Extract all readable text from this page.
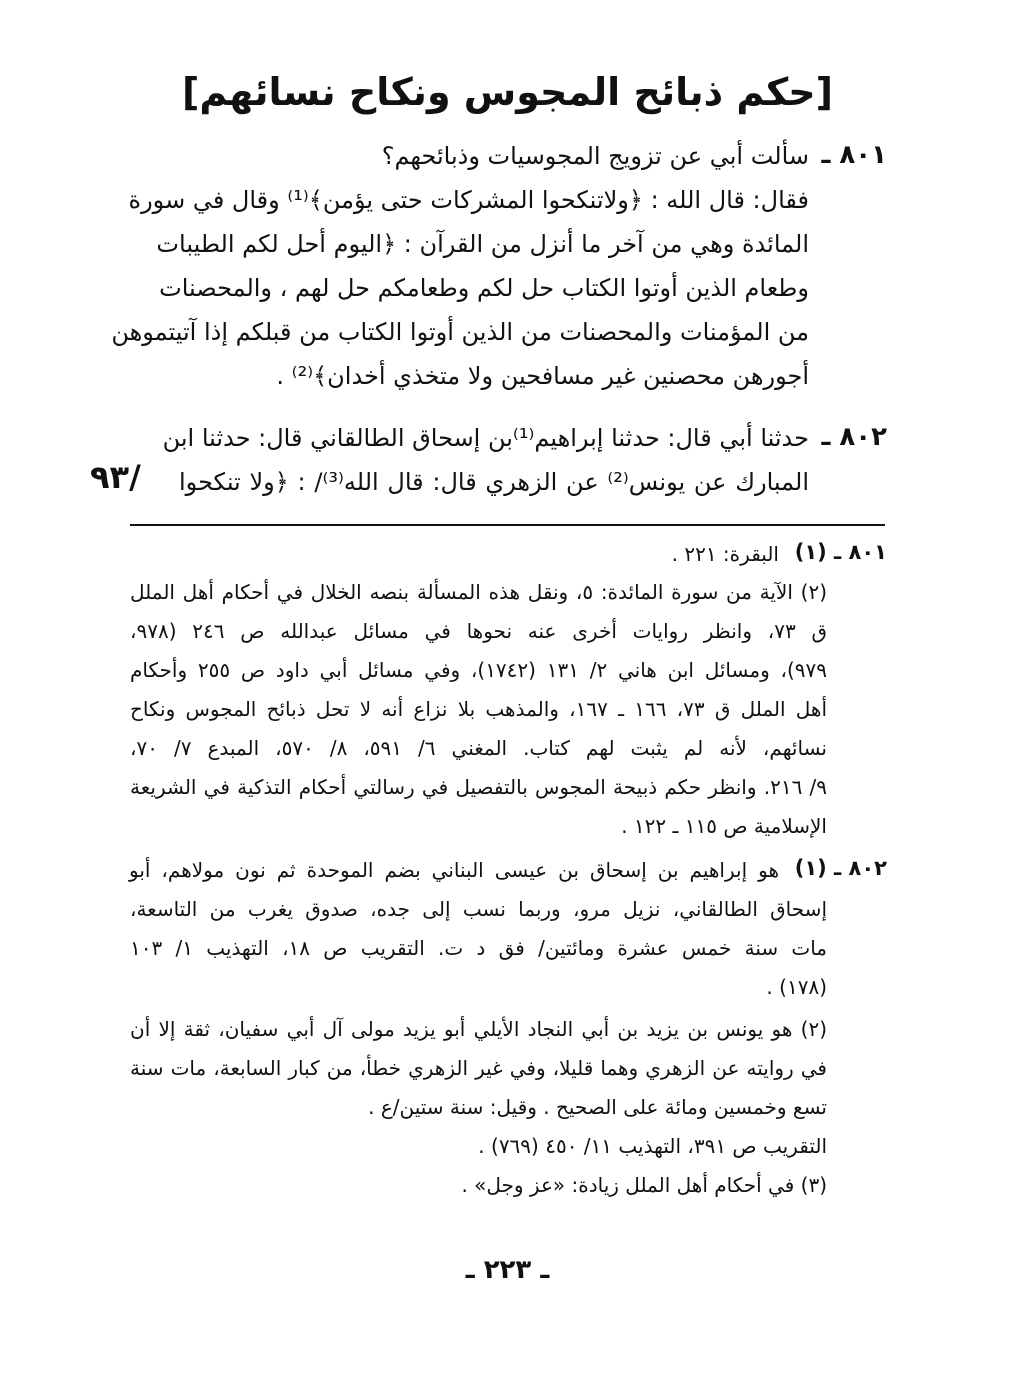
[حكم ذبائح المجوس ونكاح نسائهم]
٨٠١ ـ
سألت أبي عن تزويج المجوسيات وذبائحهم؟
فقال: قال الله : ﴿ولاتنكحوا المشركات حتى يؤمن﴾⁽¹⁾ وقال في سورة
المائدة وهي من آخر ما أنزل من القرآن : ﴿اليوم أحل لكم الطيبات
وطعام الذين أوتوا الكتاب حل لكم وطعامكم حل لهم ، والمحصنات
من المؤمنات والمحصنات من الذين أوتوا الكتاب من قبلكم إذا آتيتموهن
أجورهن محصنين غير مسافحين ولا متخذي أخدان﴾⁽²⁾ .
٨٠٢ ـ
حدثنا أبي قال: حدثنا إبراهيم⁽¹⁾بن إسحاق الطالقاني قال: حدثنا ابن
المبارك عن يونس⁽²⁾ عن الزهري قال: قال الله⁽³⁾/ : ﴿ولا تنكحوا
٩٣/
٨٠١ ـ (١)
البقرة: ٢٢١ .
(٢) الآية من سورة المائدة: ٥، ونقل هذه المسألة بنصه الخلال في أحكام أهل الملل
ق ٧٣، وانظر روايات أخرى عنه نحوها في مسائل عبدالله ص ٢٤٦ (٩٧٨،
٩٧٩)، ومسائل ابن هاني ٢/ ١٣١ (١٧٤٢)، وفي مسائل أبي داود ص ٢٥٥ وأحكام
أهل الملل ق ٧٣، ١٦٦ ـ ١٦٧، والمذهب بلا نزاع أنه لا تحل ذبائح المجوس ونكاح
نسائهم، لأنه لم يثبت لهم كتاب. المغني ٦/ ٥٩١، ٨/ ٥٧٠، المبدع ٧/ ٧٠،
٩/ ٢١٦. وانظر حكم ذبيحة المجوس بالتفصيل في رسالتي أحكام التذكية في الشريعة
الإسلامية ص ١١٥ ـ ١٢٢ .
٨٠٢ ـ (١)
هو إبراهيم بن إسحاق بن عيسى البناني بضم الموحدة ثم نون مولاهم، أبو
إسحاق الطالقاني، نزيل مرو، وربما نسب إلى جده، صدوق يغرب من التاسعة،
مات سنة خمس عشرة ومائتين/ فق د ت. التقريب ص ١٨، التهذيب ١/ ١٠٣
(١٧٨) .
(٢) هو يونس بن يزيد بن أبي النجاد الأيلي أبو يزيد مولى آل أبي سفيان، ثقة إلا أن
في روايته عن الزهري وهما قليلا، وفي غير الزهري خطأ، من كبار السابعة، مات سنة
تسع وخمسين ومائة على الصحيح . وقيل: سنة ستين/ع .
التقريب ص ٣٩١، التهذيب ١١/ ٤٥٠ (٧٦٩) .
(٣) في أحكام أهل الملل زيادة: «عز وجل» .
ـ ٢٢٣ ـ
